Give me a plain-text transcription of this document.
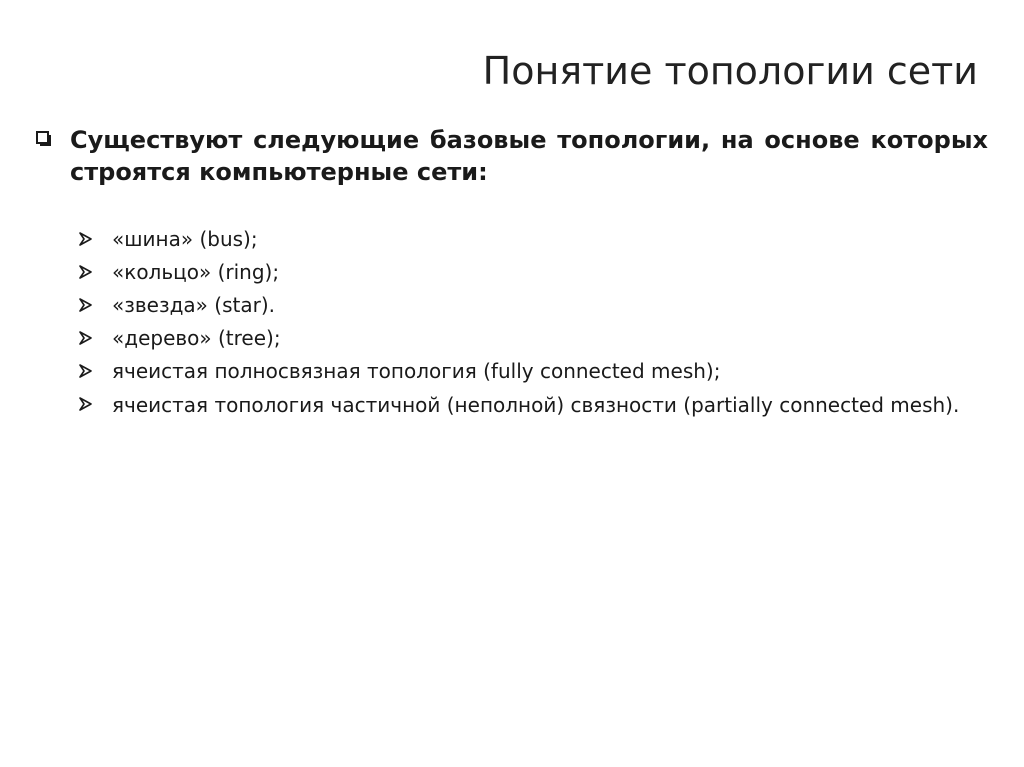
Понятие топологии сети
Существуют следующие базовые топологии, на основе которых строятся компьютерные сети:
«шина» (bus);
«кольцо» (ring);
«звезда» (star).
«дерево» (tree);
ячеистая полносвязная топология (fully connected mesh);
ячеистая топология частичной (неполной) связности (partially connected mesh).
